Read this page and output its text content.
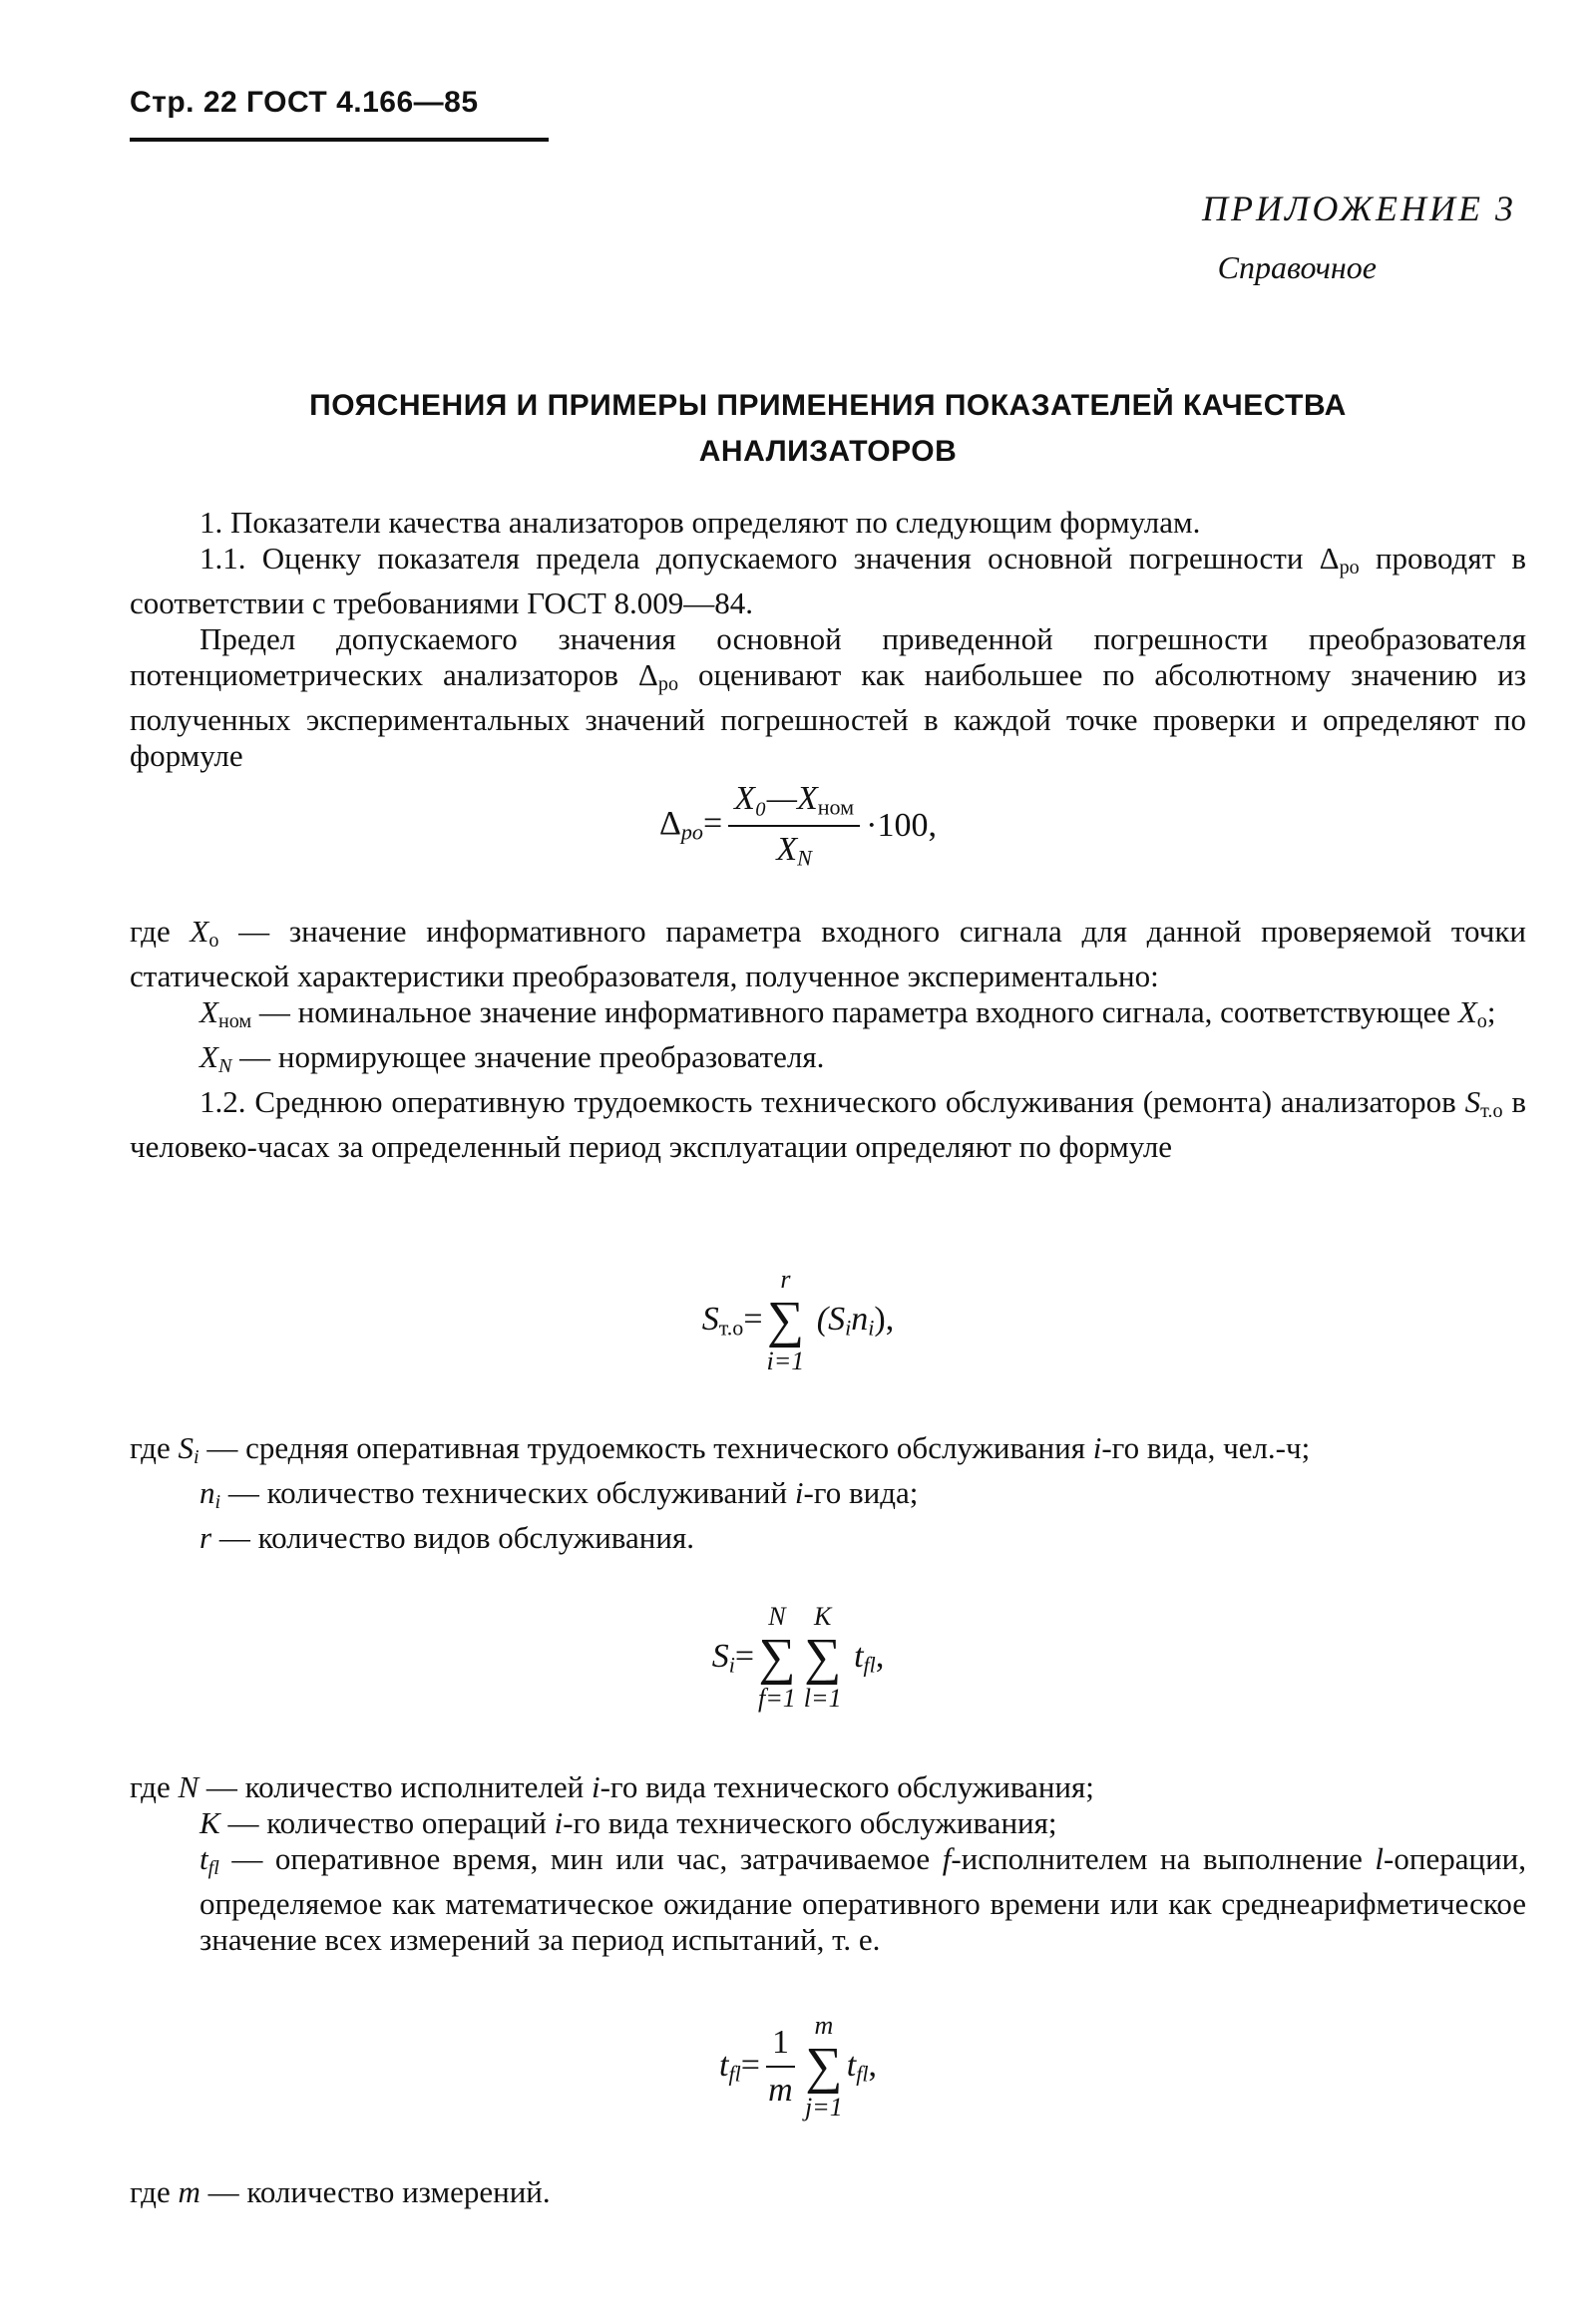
Стр. 22 ГОСТ 4.166—85
ПРИЛОЖЕНИЕ 3
Справочное
ПОЯСНЕНИЯ И ПРИМЕРЫ ПРИМЕНЕНИЯ ПОКАЗАТЕЛЕЙ КАЧЕСТВА
АНАЛИЗАТОРОВ

1. Показатели качества анализаторов определяют по следующим формулам.

1.1. Оценку показателя предела допускаемого значения основной погрешности $\Delta_{ро}$ проводят в соответствии с требованиями ГОСТ 8.009—84.

Предел допускаемого значения основной приведенной погрешности преобразователя потенциометрических анализаторов $\Delta_{ро}$ оценивают как наибольшее по абсолютному значению из полученных экспериментальных значений погрешностей в каждой точке проверки и определяют по формуле

$\Delta_{ро}= \frac{X_0—X_{ном}}{X_N} \cdot 100$,

где $X_о$ — значение информативного параметра входного сигнала для данной проверяемой точки статической характеристики преобразователя, полученное экспериментально:

$X_{ном}$ — номинальное значение информативного параметра входного сигнала, соответствующее $X_о$;

$X_N$ — нормирующее значение преобразователя.

1.2. Среднюю оперативную трудоемкость технического обслуживания (ремонта) анализаторов $S_{т.о}$ в человеко-часах за определенный период эксплуатации определяют по формуле

$S_{т.о}=$
r
∑
i=1
$(S_in_i)$,

где $S_i$ — средняя оперативная трудоемкость технического обслуживания i-го вида, чел.-ч;

$n_i$ — количество технических обслуживаний i-го вида;

r — количество видов обслуживания.

$S_i=$
N
∑
f=1
K
∑
l=1
$t_{fl}$,

где N — количество исполнителей i-го вида технического обслуживания;

K — количество операций i-го вида технического обслуживания;

$t_{fl}$ — оперативное время, мин или час, затрачиваемое f-исполнителем на выполнение l-операции, определяемое как математическое ожидание оперативного времени или как среднеарифметическое значение всех измерений за период испытаний, т. е.

$t_{fl}= \frac{1}{m}$ m
∑
j=1
$t_{fl}$,

где m — количество измерений.
